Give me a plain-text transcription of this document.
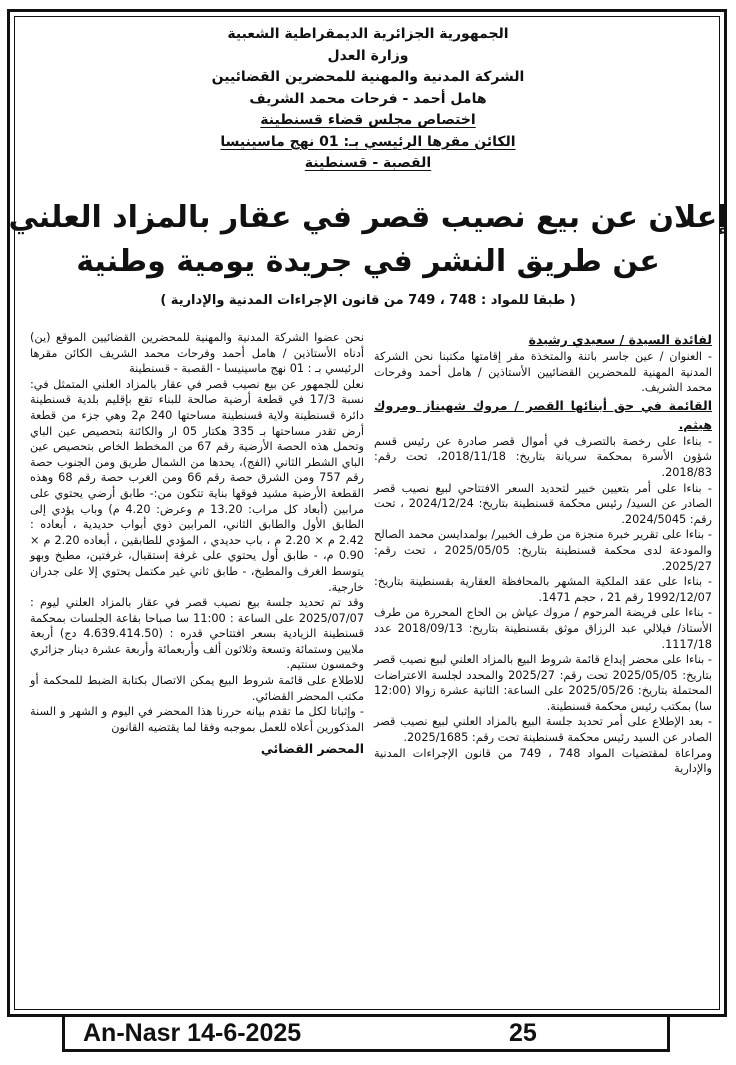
الجمهورية الجزائرية الديمقراطية الشعبية
وزارة العدل
الشركة المدنية والمهنية للمحضرين القضائيين
هامل أحمد - فرحات محمد الشريف
اختصاص مجلس قضاء قسنطينة
الكائن مقرها الرئيسي بـ: 01 نهج ماسينيسا
القصبة - قسنطينة
إعلان عن بيع نصيب قصر في عقار بالمزاد العلني
عن طريق النشر في جريدة يومية وطنية
( طبقا للمواد : 748 ، 749 من قانون الإجراءات المدنية والإدارية )

لفائدة السيدة / سعيدي رشيدة

- العنوان / عين جاسر باتنة والمتخذة مقر إقامتها مكتبنا نحن الشركة المدنية المهنية للمحضرين القضائيين الأستاذين / هامل أحمد وفرحات محمد الشريف.

القائمة في حق أبنائها القصر / مروك شهيناز ومروك هيثم.

- بناءا على رخصة بالتصرف في أموال قصر صادرة عن رئيس قسم شؤون الأسرة بمحكمة سريانة بتاريخ: 2018/11/18، تحت رقم: 2018/83.

- بناءا على أمر بتعيين خبير لتحديد السعر الافتتاحي لبيع نصيب قصر الصادر عن السيد/ رئيس محكمة قسنطينة بتاريخ: 2024/12/24 ، تحت رقم: 2024/5045.

- بناءا على تقرير خبرة منجزة من طرف الخبير/ بولمدايسن محمد الصالح والمودعة لدى محكمة قسنطينة بتاريخ: 2025/05/05 ، تحت رقم: 2025/27.

- بناءا على عقد الملكية المشهر بالمحافظة العقارية بقسنطينة بتاريخ: 1992/12/07 رقم 21 ، حجم 1471.

- بناءا على فريضة المرحوم / مروك عياش بن الحاج المحررة من طرف الأستاذ/ فيلالي عبد الرزاق موثق بقسنطينة بتاريخ: 2018/09/13 عدد 1117/18.

- بناءا على محضر إيداع قائمة شروط البيع بالمزاد العلني لبيع نصيب قصر بتاريخ: 2025/05/05 تحت رقم: 2025/27 والمحدد لجلسة الاعتراضات المحتملة بتاريخ: 2025/05/26 على الساعة: الثانية عشرة زوالا (12:00 سا) بمكتب رئيس محكمة قسنطينة.

- بعد الإطلاع على أمر تحديد جلسة البيع بالمزاد العلني لبيع نصيب قصر الصادر عن السيد رئيس محكمة قسنطينة تحت رقم: 2025/1685.

ومراعاة لمقتضيات المواد 748 ، 749 من قانون الإجراءات المدنية والإدارية

نحن عضوا الشركة المدنية والمهنية للمحضرين القضائيين الموقع (ين) أدناه الأستاذين / هامل أحمد وفرحات محمد الشريف الكائن مقرها الرئيسي بـ : 01 نهج ماسينيسا - القصبة - قسنطينة

نعلن للجمهور عن بيع نصيب قصر في عقار بالمزاد العلني المتمثل في: نسبة 17/3 في قطعة أرضية صالحة للبناء تقع بإقليم بلدية قسنطينة دائرة قسنطينة ولاية قسنطينة مساحتها 240 م2 وهي جزء من قطعة أرض تقدر مساحتها بـ 335 هكتار 05 ار والكائنة بتحصيص عين الباي وتحمل هذه الحصة الأرضية رقم 67 من المخطط الخاص بتحصيص عين الباي الشطر الثاني (الفج)، يحدها من الشمال طريق ومن الجنوب حصة رقم 757 ومن الشرق حصة رقم 66 ومن الغرب حصة رقم 68 وهذه القطعة الأرضية مشيد فوقها بناية تتكون من:- طابق أرضي يحتوي على مرابين (أبعاد كل مراب: 13.20 م وعرض: 4.20 م) وباب يؤدي إلى الطابق الأول والطابق الثاني، المرابين ذوي أبواب حديدية ، أبعاده : 2.42 م × 2.20 م ، باب حديدي ، المؤدي للطابقين ، أبعاده 2.20 م × 0.90 م، - طابق أول يحتوي على غرفة إستقبال، غرفتين، مطبخ وبهو يتوسط الغرف والمطبخ، - طابق ثاني غير مكتمل يحتوي إلا على جدران خارجية.

وقد تم تحديد جلسة بيع نصيب قصر في عقار بالمزاد العلني ليوم : 2025/07/07 على الساعة : 11:00 سا صباحا بقاعة الجلسات بمحكمة قسنطينة الزيادية بسعر افتتاحي قدره : (4.639.414.50 دج) أربعة ملايين وستمائة وتسعة وثلاثون ألف وأربعمائة وأربعة عشرة دينار جزائري وخمسون سنتيم.

للاطلاع على قائمة شروط البيع يمكن الاتصال بكتابة الضبط للمحكمة أو مكتب المحضر القضائي.

- وإثباتا لكل ما تقدم بيانه حررنا هذا المحضر في اليوم و الشهر و السنة المذكورين أعلاه للعمل بموجبه وفقا لما يقتضيه القانون

المحضر القضائي

An-Nasr 14-6-2025	25
